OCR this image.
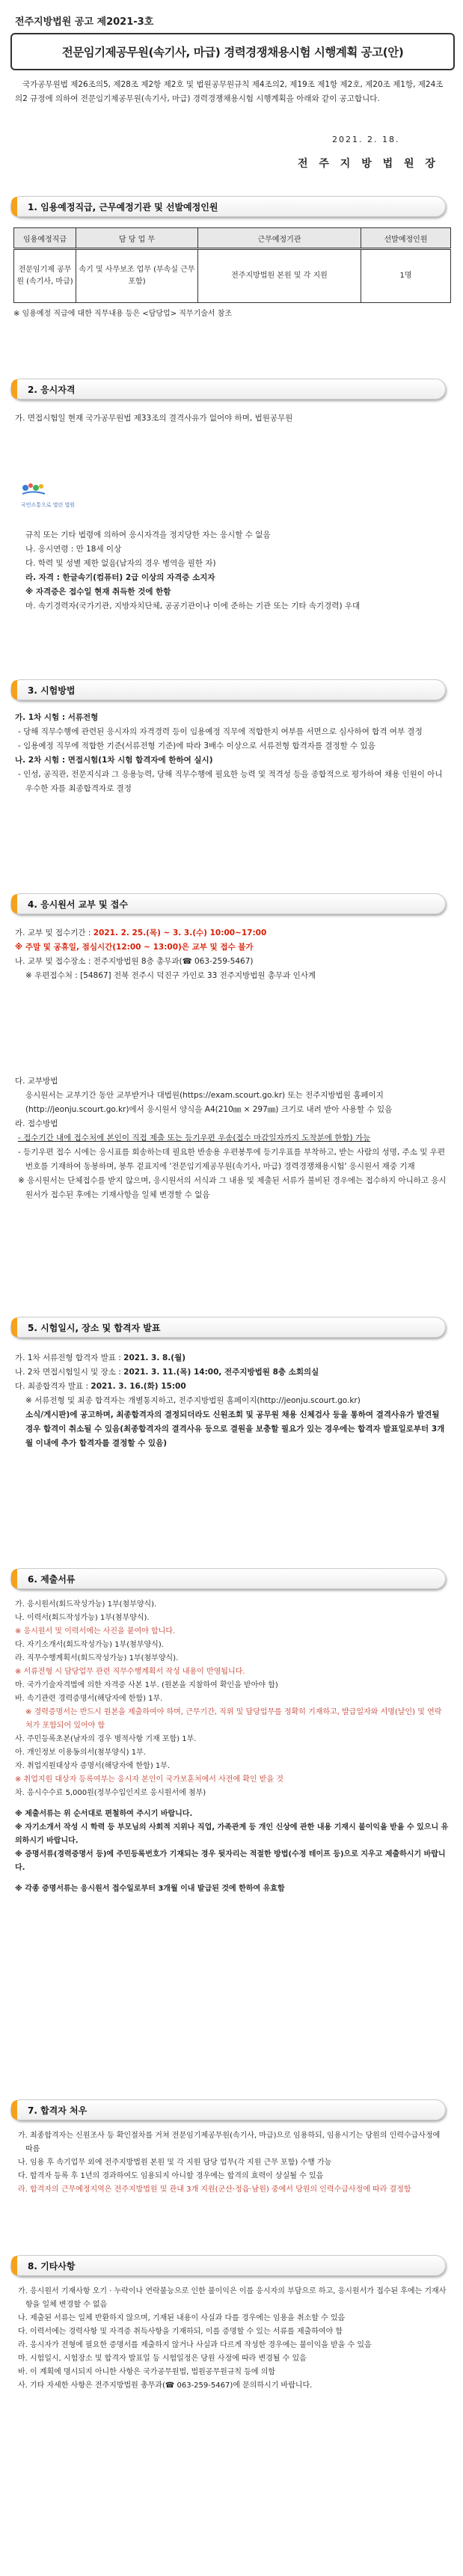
전주지방법원 공고 제2021-3호
전문임기제공무원(속기사, 마급) 경력경쟁채용시험 시행계획 공고(안)
국가공무원법 제26조의5, 제28조 제2항 제2호 및 법원공무원규칙 제4조의2, 제19조 제1항 제2호, 제20조 제1항, 제24조의2 규정에 의하여 전문임기제공무원(속기사, 마급) 경력경쟁채용시험 시행계획을 아래와 같이 공고합니다.
2021. 2. 18.
전 주 지 방 법 원 장
1. 임용예정직급, 근무예정기관 및 선발예정인원
임용예정직급	담 당 업 무	근무예정기관	선발예정인원
전문임기제 공무원 (속기사, 마급)	속기 및 사무보조 업무 (부속실 근무 포함)	전주지방법원 본원 및 각 지원	1명
※ 임용예정 직급에 대한 직무내용 등은 <담당업> 직무기술서 참조
2. 응시자격
가. 면접시험일 현재 국가공무원법 제33조의 결격사유가 없어야 하며, 법원공무원
국민소통으로 열린 법원

규칙 또는 기타 법령에 의하여 응시자격을 정지당한 자는 응시할 수 없음

나. 응시연령 : 만 18세 이상

다. 학력 및 성별 제한 없음(남자의 경우 병역을 필한 자)

라. 자격 : 한글속기(컴퓨터) 2급 이상의 자격증 소지자

※ 자격증은 접수일 현재 취득한 것에 한함

마. 속기경력자(국가기관, 지방자치단체, 공공기관이나 이에 준하는 기관 또는 기타 속기경력) 우대

3. 시험방법

가. 1차 시험 : 서류전형

- 당해 직무수행에 관련된 응시자의 자격경력 등이 임용예정 직무에 적합한지 여부를 서면으로 심사하여 합격 여부 결정

- 임용예정 직무에 적합한 기준(서류전형 기준)에 따라 3배수 이상으로 서류전형 합격자를 결정할 수 있음

나. 2차 시험 : 면접시험(1차 시험 합격자에 한하여 실시)

- 인성, 공직관, 전문지식과 그 응용능력, 당해 직무수행에 필요한 능력 및 적격성 등을 종합적으로 평가하여 채용 인원이 아니 우수한 자를 최종합격자로 결정

4. 응시원서 교부 및 접수

가. 교부 및 접수기간 : 2021. 2. 25.(목) ~ 3. 3.(수) 10:00~17:00

※ 주말 및 공휴일, 점심시간(12:00 ~ 13:00)은 교부 및 접수 불가

나. 교부 및 접수장소 : 전주지방법원 8층 총무과(☎ 063-259-5467)

※ 우편접수처 : [54867] 전북 전주시 덕진구 가인로 33 전주지방법원 총무과 인사계

다. 교부방법

응시원서는 교부기간 동안 교부받거나 대법원(https://exam.scourt.go.kr) 또는 전주지방법원 홈페이지(http://jeonju.scourt.go.kr)에서 응시원서 양식을 A4(210㎜ × 297㎜) 크기로 내려 받아 사용할 수 있음

라. 접수방법

- 접수기간 내에 접수처에 본인이 직접 제출 또는 등기우편 우송(접수 마감일자까지 도착분에 한함) 가능

- 등기우편 접수 시에는 응시표를 회송하는데 필요한 반송용 우편봉투에 등기우표를 부착하고, 받는 사람의 성명, 주소 및 우편번호를 기재하여 동봉하며, 봉투 겉표지에 '전문임기제공무원(속기사, 마급) 경력경쟁채용시험' 응시원서 재중 기재

※ 응시원서는 단체접수를 받지 않으며, 응시원서의 서식과 그 내용 및 제출된 서류가 불비된 경우에는 접수하지 아니하고 응시원서가 접수된 후에는 기재사항을 일체 변경할 수 없음

5. 시험일시, 장소 및 합격자 발표

가. 1차 서류전형 합격자 발표 : 2021. 3. 8.(월)

나. 2차 면접시험일시 및 장소 : 2021. 3. 11.(목) 14:00, 전주지방법원 8층 소회의실

다. 최종합격자 발표 : 2021. 3. 16.(화) 15:00

※ 서류전형 및 최종 합격자는 개별통지하고, 전주지방법원 홈페이지(http://jeonju.scourt.go.kr)

소식/게시판)에 공고하며, 최종합격자의 결정되더라도 신원조회 및 공무원 채용 신체검사 등을 통하여 결격사유가 발견될 경우 합격이 취소될 수 있음(최종합격자의 결격사유 등으로 결원을 보충할 필요가 있는 경우에는 합격자 발표일로부터 3개월 이내에 추가 합격자를 결정할 수 있음)

6. 제출서류

가. 응시원서(회드작성가능) 1부(첨부양식).

나. 이력서(회드작성가능) 1부(첨부양식).

※ 응시원서 및 이력서에는 사진을 붙여야 합니다.

다. 자기소개서(회드작성가능) 1부(첨부양식).

라. 직무수행계획서(회드작성가능) 1부(첨부양식).

※ 서류전형 시 담당업무 관련 직무수행계획서 작성 내용이 반영됩니다.

마. 국가기술자격법에 의한 자격증 사본 1부. (원본을 지참하여 확인을 받아야 함)

바. 속기관련 경력증명서(해당자에 한함) 1부.

※ 경력증명서는 반드시 원본을 제출하여야 하며, 근무기간, 직위 및 담당업무를 정확히 기재하고, 발급일자와 서명(날인) 및 연락처가 포함되어 있어야 함

사. 주민등록초본(남자의 경우 병적사항 기재 포함) 1부.

아. 개인정보 이용동의서(첨부양식) 1부.

자. 취업지원대상자 증명서(해당자에 한함) 1부.

※ 취업지원 대상자 등록여부는 응시자 본인이 국가보훈처에서 사전에 확인 받을 것

차. 응시수수료 5,000원(정부수입인지로 응시원서에 첨부)

※ 제출서류는 위 순서대로 편철하여 주시기 바랍니다.

※ 자기소개서 작성 시 학력 등 부모님의 사회적 지위나 직업, 가족관계 등 개인 신상에 관한 내용 기재시 불이익을 받을 수 있으니 유의하시기 바랍니다.

※ 증명서류(경력증명서 등)에 주민등록번호가 기재되는 경우 뒷자리는 적절한 방법(수정 테이프 등)으로 지우고 제출하시기 바랍니다.

※ 각종 증명서류는 응시원서 접수일로부터 3개월 이내 발급된 것에 한하여 유효함

7. 합격자 처우

가. 최종합격자는 신원조사 등 확인절차를 거쳐 전문임기제공무원(속기사, 마급)으로 임용하되, 임용시기는 당원의 인력수급사정에 따름

나. 임용 후 속기업무 외에 전주지방법원 본원 및 각 지원 담당 업무(각 지원 근무 포함) 수행 가능

다. 합격자 등록 후 1년의 경과하여도 임용되지 아니할 경우에는 합격의 효력이 상실될 수 있음

라. 합격자의 근무예정지역은 전주지방법원 및 관내 3개 지원(군산·정읍·남원) 중에서 당원의 인력수급사정에 따라 결정함

8. 기타사항

가. 응시원서 기재사항 오기 · 누락이나 연락불능으로 인한 불이익은 이를 응시자의 부담으로 하고, 응시원서가 접수된 후에는 기재사항을 일체 변경할 수 없음

나. 제출된 서류는 일체 반환하지 않으며, 기재된 내용이 사실과 다를 경우에는 임용을 취소할 수 있음

다. 이력서에는 경력사항 및 자격증 취득사항을 기재하되, 이를 증명할 수 있는 서류를 제출하여야 함

라. 응시자가 전형에 필요한 증명서를 제출하지 않거나 사실과 다르게 작성한 경우에는 불이익을 받을 수 있음

마. 시험일시, 시험장소 및 합격자 발표일 등 시험일정은 당원 사정에 따라 변경될 수 있음

바. 이 계획에 명시되지 아니한 사항은 국가공무원법, 법원공무원규칙 등에 의함

사. 기타 자세한 사항은 전주지방법원 총무과(☎ 063-259-5467)에 문의하시기 바랍니다.
